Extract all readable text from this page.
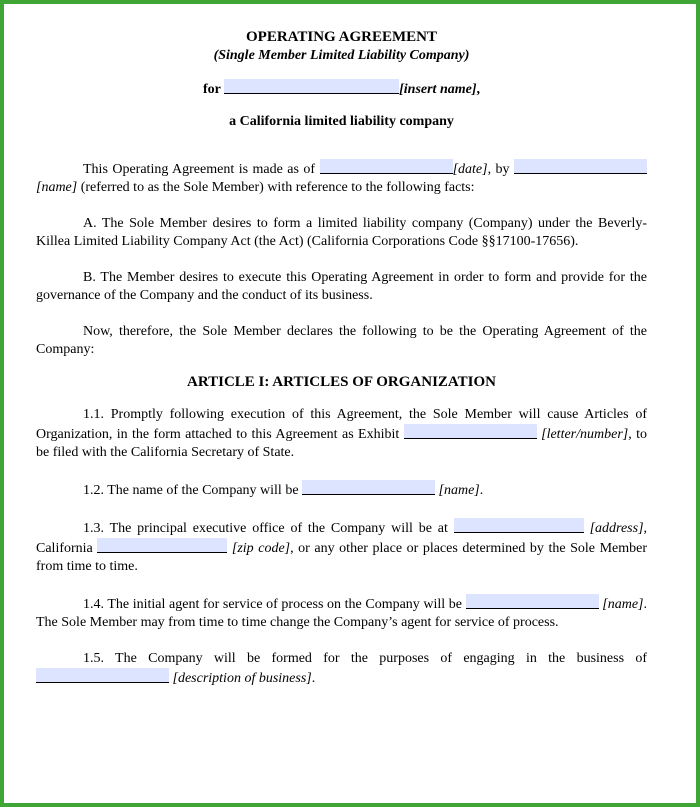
OPERATING AGREEMENT
(Single Member Limited Liability Company)
for	[insert name],
a California limited liability company

This Operating Agreement is made as of	[date], by  [name] (referred to as the Sole Member) with reference to the following facts:

A. The Sole Member desires to form a limited liability company (Company) under the Beverly-Killea Limited Liability Company Act (the Act) (California Corporations Code §§17100-17656).

B. The Member desires to execute this Operating Agreement in order to form and provide for the governance of the Company and the conduct of its business.

Now, therefore, the Sole Member declares the following to be the Operating Agreement of the Company:

ARTICLE I: ARTICLES OF ORGANIZATION

1.1. Promptly following execution of this Agreement, the Sole Member will cause Articles of Organization, in the form attached to this Agreement as Exhibit	[letter/number], to be filed with the California Secretary of State.

1.2. The name of the Company will be	[name].

1.3. The principal executive office of the Company will be at	[address], California	[zip code], or any other place or places determined by the Sole Member from time to time.

1.4. The initial agent for service of process on the Company will be	[name]. The Sole Member may from time to time change the Company’s agent for service of process.

1.5. The Company will be formed for the purposes of engaging in the business of  [description of business].
